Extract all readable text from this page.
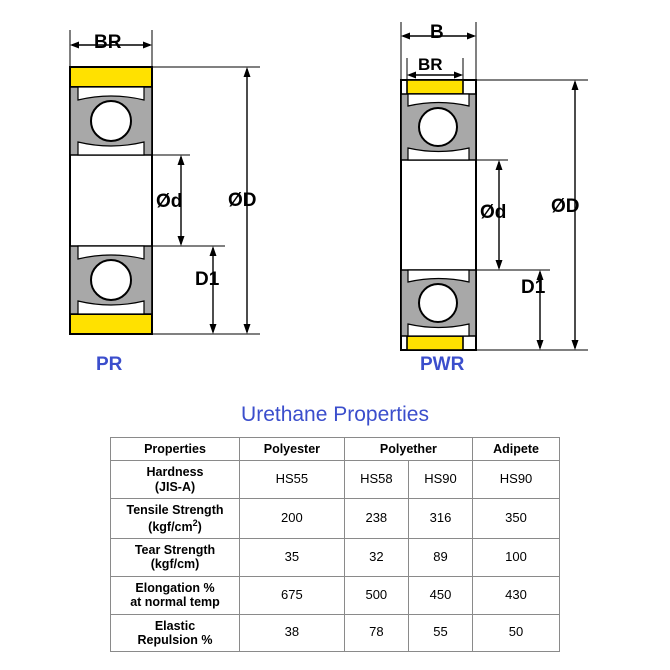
BR
ØD
Ød
D1
PR
B
BR
ØD
Ød
D1
PWR
Urethane Properties
Properties	Polyester	Polyether		Adipete
Hardness
(JIS-A)	HS55	HS58	HS90	HS90
Tensile Strength
$(kgf/cm^2)$	200	238	316	350
Tear Strength
(kgf/cm)	35	32	89	100
Elongation %
at normal temp	675	500	450	430
Elastic
Repulsion %	38	78	55	50
